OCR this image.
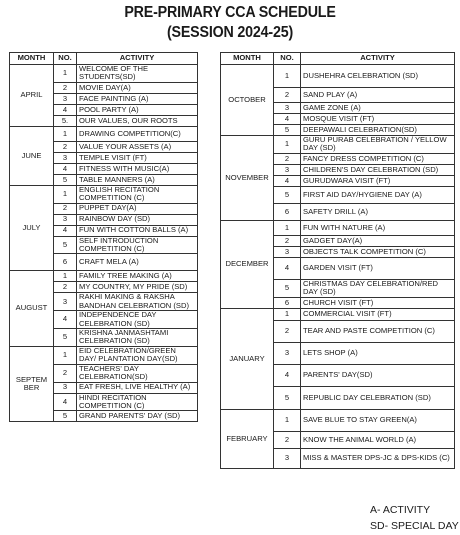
PRE-PRIMARY CCA SCHEDULE
(SESSION 2024-25)
MONTH	NO.	ACTIVITY
APRIL	1	WELCOME OF THE STUDENTS(SD)
	2	MOVIE DAY(A)
	3	FACE PAINTING (A)
	4	POOL PARTY (A)
	5.	OUR VALUES, OUR ROOTS
JUNE	1	DRAWING COMPETITION(C)
	2	VALUE YOUR ASSETS (A)
	3	TEMPLE VISIT (FT)
	4	FITNESS WITH MUSIC(A)
	5	TABLE MANNERS (A)
JULY	1	ENGLISH RECITATION COMPETITION (C)
	2	PUPPET DAY(A)
	3	RAINBOW DAY (SD)
	4	FUN WITH COTTON BALLS (A)
	5	SELF INTRODUCTION COMPETITION (C)
	6	CRAFT MELA (A)
AUGUST	1	FAMILY TREE MAKING (A)
	2	MY COUNTRY, MY PRIDE (SD)
	3	RAKHI MAKING & RAKSHA BANDHAN CELEBRATION (SD)
	4	INDEPENDENCE DAY CELEBRATION (SD)
	5	KRISHNA JANMASHTAMI CELEBRATION (SD)
SEPTEM BER	1	EID CELEBRATION/GREEN DAY/ PLANTATION DAY(SD)
	2	TEACHERS' DAY CELEBRATION(SD)
	3	EAT FRESH, LIVE HEALTHY (A)
	4	HINDI RECITATION COMPETITION (C)
	5	GRAND PARENTS' DAY (SD)
MONTH	NO.	ACTIVITY
OCTOBER	1	DUSHEHRA CELEBRATION (SD)
	2	SAND PLAY (A)
	3	GAME ZONE (A)
	4	MOSQUE VISIT (FT)
	5	DEEPAWALI CELEBRATION(SD)
NOVEMBER	1	GURU PURAB CELEBRATION / YELLOW DAY (SD)
	2	FANCY DRESS COMPETITION (C)
	3	CHILDREN'S DAY CELEBRATION (SD)
	4	GURUDWARA VISIT (FT)
	5	FIRST AID DAY/HYGIENE DAY (A)
	6	SAFETY DRILL (A)
DECEMBER	1	FUN WITH NATURE (A)
	2	GADGET DAY(A)
	3	OBJECTS TALK COMPETITION (C)
	4	GARDEN VISIT (FT)
	5	CHRISTMAS DAY CELEBRATION/RED DAY (SD)
	6	CHURCH VISIT (FT)
JANUARY	1	COMMERCIAL VISIT (FT)
	2	TEAR AND PASTE COMPETITION (C)
	3	LETS SHOP (A)
	4	PARENTS' DAY(SD)
	5	REPUBLIC DAY CELEBRATION (SD)
FEBRUARY	1	SAVE BLUE TO STAY GREEN(A)
	2	KNOW THE ANIMAL WORLD (A)
	3	MISS & MASTER DPS-JC & DPS-KIDS (C)
A- ACTIVITY
SD- SPECIAL DAY
